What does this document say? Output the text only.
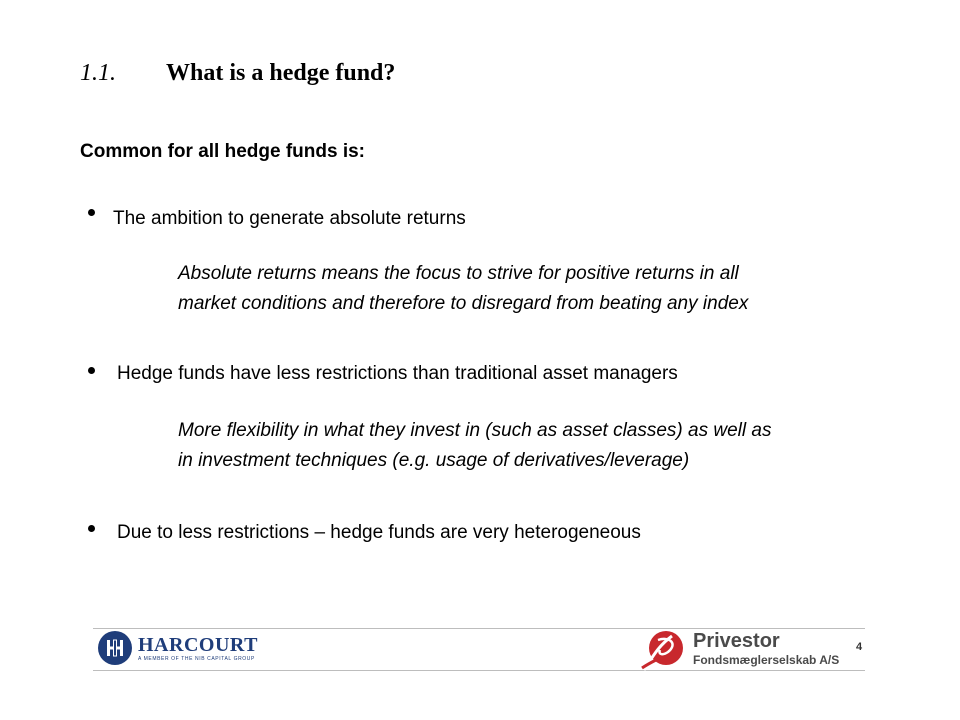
1.1. What is a hedge fund?
Common for all hedge funds is:
The ambition to generate absolute returns
Absolute returns means the focus to strive for positive returns in all
market conditions and therefore to disregard from beating any index
Hedge funds have less restrictions than traditional asset managers
More flexibility in what they invest in (such as asset classes) as well as
in investment techniques (e.g. usage of derivatives/leverage)
Due to less restrictions – hedge funds are very heterogeneous
HARCOURT
A MEMBER OF THE NIB CAPITAL GROUP
Privestor
Fondsmæglerselskab A/S
4
